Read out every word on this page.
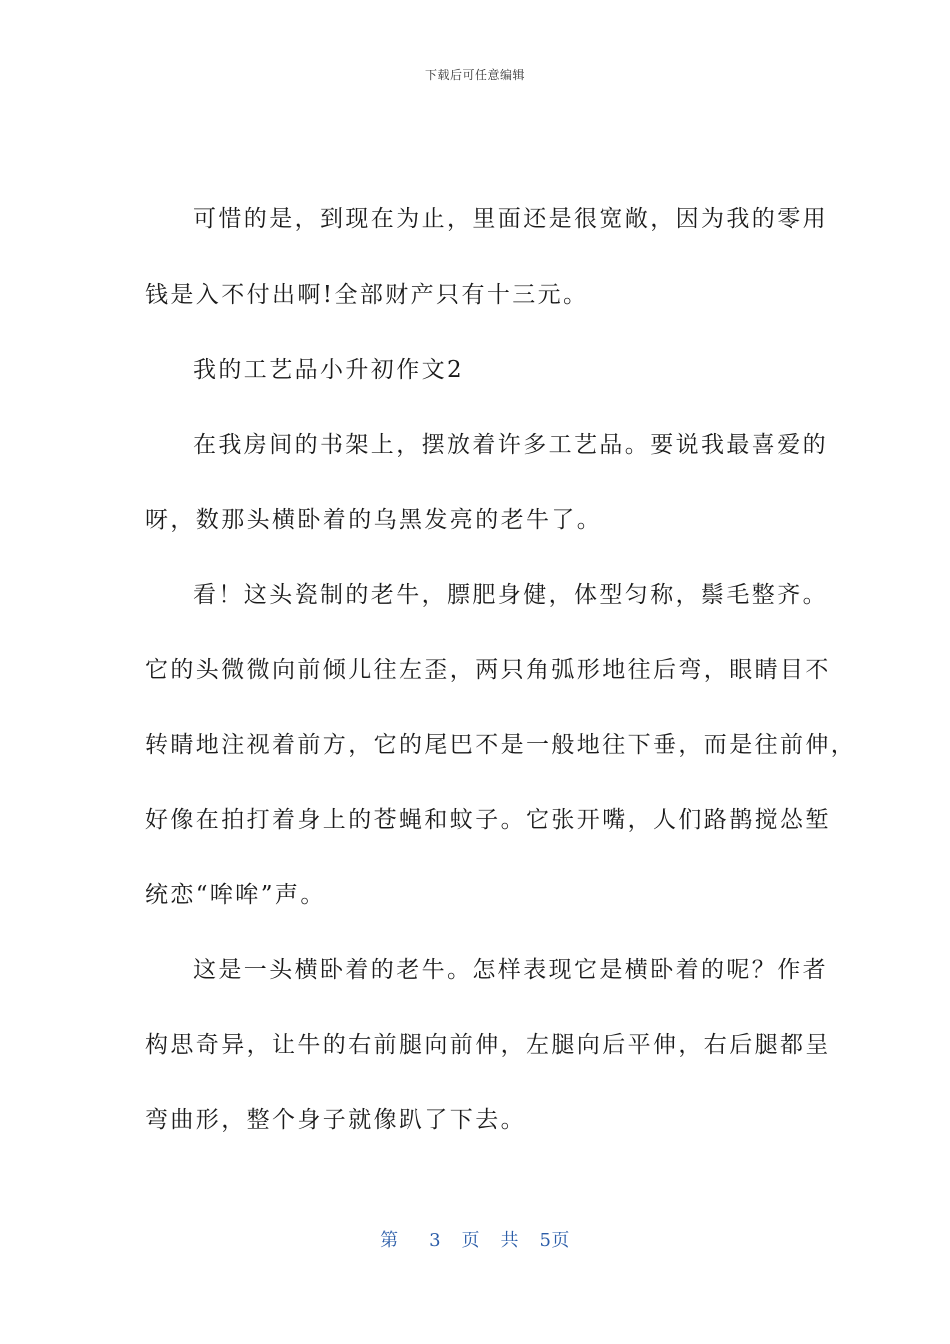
下载后可任意编辑
可惜的是，到现在为止，里面还是很宽敞，因为我的零用
钱是入不付出啊!全部财产只有十三元。
我的工艺品小升初作文2
在我房间的书架上，摆放着许多工艺品。要说我最喜爱的
呀，数那头横卧着的乌黑发亮的老牛了。
看！这头瓷制的老牛，膘肥身健，体型匀称，鬃毛整齐。
它的头微微向前倾儿往左歪，两只角弧形地往后弯，眼睛目不
转睛地注视着前方，它的尾巴不是一般地往下垂，而是往前伸，
好像在拍打着身上的苍蝇和蚊子。它张开嘴，人们路鹊搅怂堑
统恋“哞哞”声。
这是一头横卧着的老牛。怎样表现它是横卧着的呢？作者
构思奇异，让牛的右前腿向前伸，左腿向后平伸，右后腿都呈
弯曲形，整个身子就像趴了下去。
第 3 页 共 5页
